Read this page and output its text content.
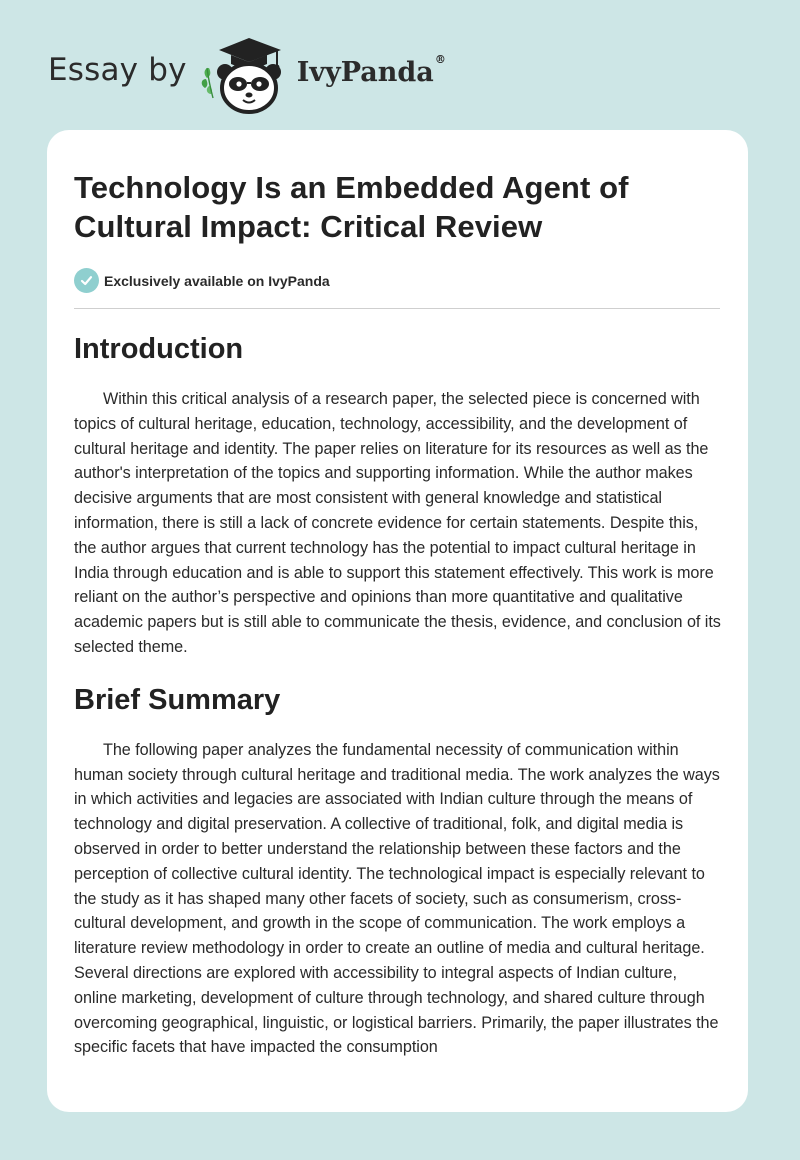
Essay by	IvyPanda®
Technology Is an Embedded Agent of Cultural Impact: Critical Review
Exclusively available on IvyPanda
Introduction

Within this critical analysis of a research paper, the selected piece is concerned with topics of cultural heritage, education, technology, accessibility, and the development of cultural heritage and identity. The paper relies on literature for its resources as well as the author's interpretation of the topics and supporting information. While the author makes decisive arguments that are most consistent with general knowledge and statistical information, there is still a lack of concrete evidence for certain statements. Despite this, the author argues that current technology has the potential to impact cultural heritage in India through education and is able to support this statement effectively. This work is more reliant on the author’s perspective and opinions than more quantitative and qualitative academic papers but is still able to communicate the thesis, evidence, and conclusion of its selected theme.

Brief Summary

The following paper analyzes the fundamental necessity of communication within human society through cultural heritage and traditional media. The work analyzes the ways in which activities and legacies are associated with Indian culture through the means of technology and digital preservation. A collective of traditional, folk, and digital media is observed in order to better understand the relationship between these factors and the perception of collective cultural identity. The technological impact is especially relevant to the study as it has shaped many other facets of society, such as consumerism, cross-cultural development, and growth in the scope of communication. The work employs a literature review methodology in order to create an outline of media and cultural heritage. Several directions are explored with accessibility to integral aspects of Indian culture, online marketing, development of culture through technology, and shared culture through overcoming geographical, linguistic, or logistical barriers. Primarily, the paper illustrates the specific facets that have impacted the consumption
